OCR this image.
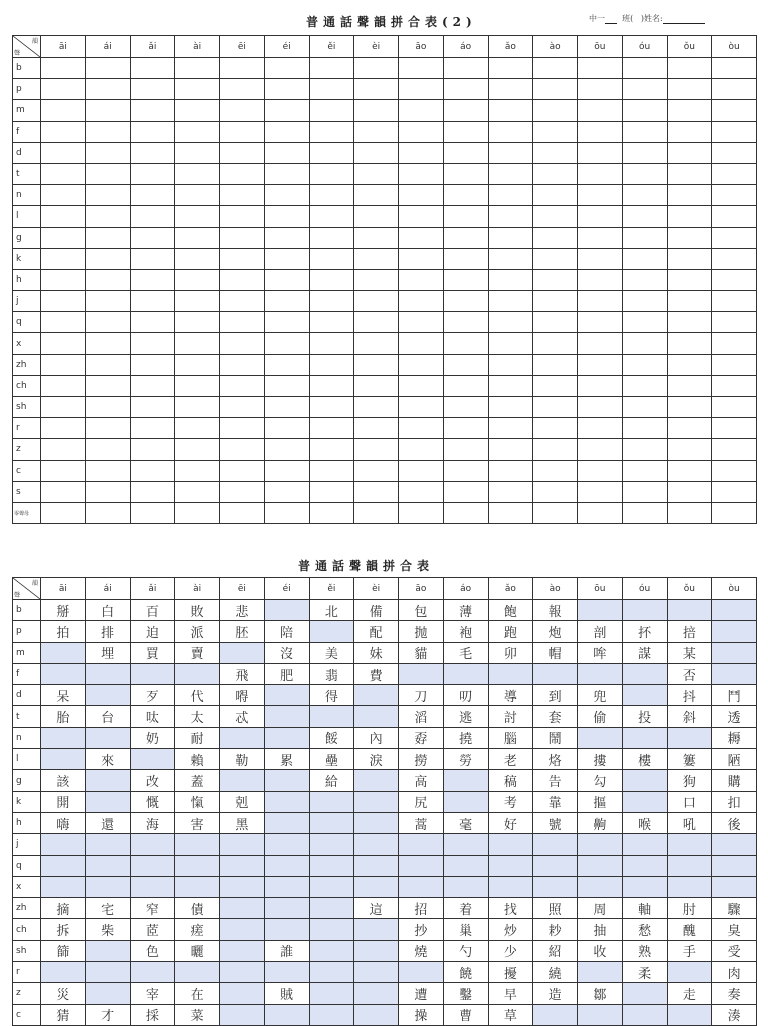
普通話聲韻拼合表(2)	中一 班( )姓名:
韻
聲	āi	ái	ǎi	ài	ēi	éi	ěi	èi	āo	áo	ǎo	ào	ōu	óu	ǒu	òu
b																
p																
m																
f																
d																
t																
n																
l																
g																
k																
h																
j																
q																
x																
zh																
ch																
sh																
r																
z																
c																
s																
零聲母																
普通話聲韻拼合表
韻
聲	āi	ái	ǎi	ài	ēi	éi	ěi	èi	āo	áo	ǎo	ào	ōu	óu	ǒu	òu
b	掰	白	百	敗	悲		北	備	包	薄	飽	報				
p	拍	排	迫	派	胚	陪		配	抛	袍	跑	炮	剖	抔	掊	
m		埋	買	賣		沒	美	妹	貓	毛	卯	帽	哞	謀	某	
f					飛	肥	翡	費							否	
d	呆		歹	代	嘚		得		刀	叨	導	到	兜		抖	鬥
t	胎	台	呔	太	忒				滔	逃	討	套	偷	投	斜	透
n			奶	耐			餒	內	孬	撓	腦	鬧				耨
l		來		賴	勒	累	壘	淚	撈	勞	老	烙	摟	樓	簍	陋
g	該		改	蓋			給		高		稿	告	勾		狗	購
k	開		慨	愾	剋				尻		考	靠	摳		口	扣
h	嗨	還	海	害	黑				蒿	毫	好	號	齁	喉	吼	後
j																
q																
x																
zh	摘	宅	窄	債				這	招	着	找	照	周	軸	肘	驟
ch	拆	柴	茝	瘥					抄	巢	炒	耖	抽	愁	醜	臭
sh	篩		色	曬		誰			燒	勺	少	紹	收	熟	手	受
r										饒	擾	繞		柔		肉
z	災		宰	在		賊			遭	鑿	早	造	鄒		走	奏
c	猜	才	採	菜					操	曹	草					湊
